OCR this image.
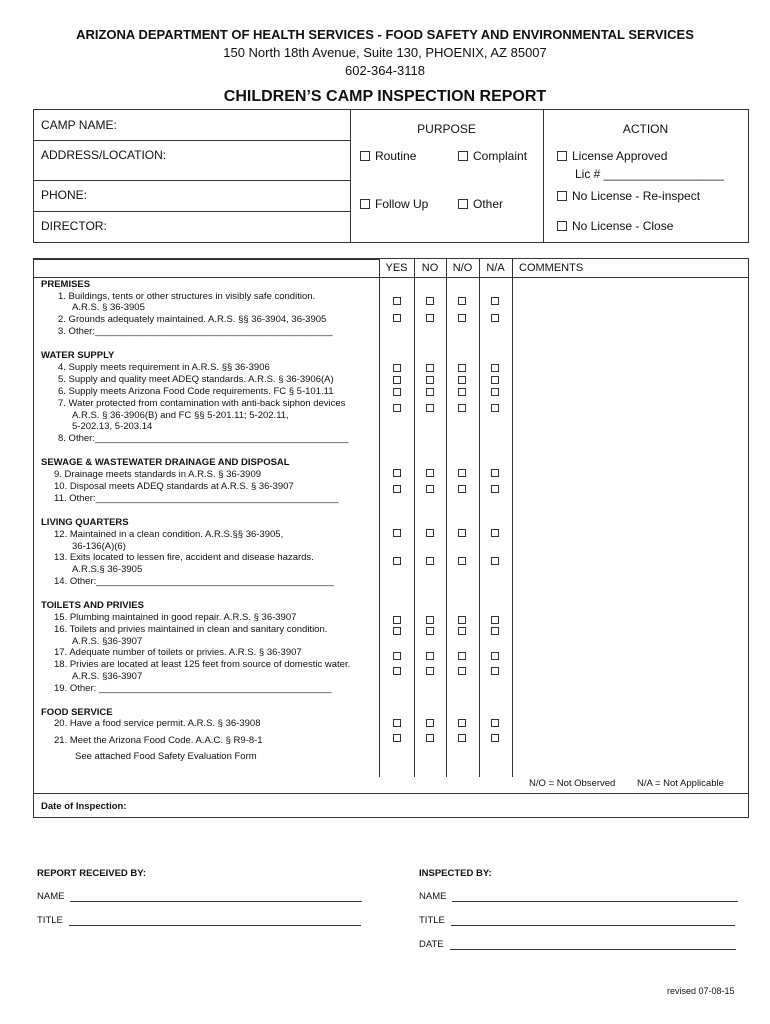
ARIZONA DEPARTMENT OF HEALTH SERVICES - FOOD SAFETY AND ENVIRONMENTAL SERVICES
150 North 18th Avenue, Suite 130, PHOENIX, AZ 85007
602-364-3118
CHILDREN’S CAMP INSPECTION REPORT
CAMP NAME:
ADDRESS/LOCATION:
PHONE:
DIRECTOR:
PURPOSE
Routine	Complaint
Follow Up	Other
ACTION
License Approved
Lic # __________________
No License - Re-inspect
No License - Close
YES	NO	N/O	N/A	COMMENTS
PREMISES
1. Buildings, tents or other structures in visibly safe condition.
A.R.S. § 36-3905
2. Grounds adequately maintained. A.R.S. §§ 36-3904, 36-3905
3. Other:_____________________________________________
WATER SUPPLY
4. Supply meets requirement in A.R.S. §§ 36-3906
5. Supply and quality meet ADEQ standards. A.R.S. § 36-3906(A)
6. Supply meets Arizona Food Code requirements. FC § 5-101.11
7. Water protected from contamination with anti-back siphon devices
A.R.S. § 36-3906(B) and FC §§ 5-201.11; 5-202.11,
5-202.13, 5-203.14
8. Other:________________________________________________
SEWAGE & WASTEWATER DRAINAGE AND DISPOSAL
9. Drainage meets standards in A.R.S. § 36-3909
10. Disposal meets ADEQ standards at A.R.S. § 36-3907
11. Other:______________________________________________
LIVING QUARTERS
12. Maintained in a clean condition. A.R.S.§§ 36-3905,
36-136(A)(6)
13. Exits located to lessen fire, accident and disease hazards.
A.R.S.§ 36-3905
14. Other:_____________________________________________
TOILETS AND PRIVIES
15. Plumbing maintained in good repair. A.R.S. § 36-3907
16. Toilets and privies maintained in clean and sanitary condition.
A.R.S. §36-3907
17. Adequate number of toilets or privies. A.R.S. § 36-3907
18. Privies are located at least 125 feet from source of domestic water.
A.R.S. §36-3907
19. Other: ____________________________________________
FOOD SERVICE
20. Have a food service permit. A.R.S. § 36-3908
21. Meet the Arizona Food Code. A.A.C. § R9-8-1
See attached Food Safety Evaluation Form
N/O = Not Observed N/A = Not Applicable
Date of Inspection:
REPORT RECEIVED BY:
NAME
TITLE
INSPECTED BY:
NAME
TITLE
DATE
revised 07-08-15
